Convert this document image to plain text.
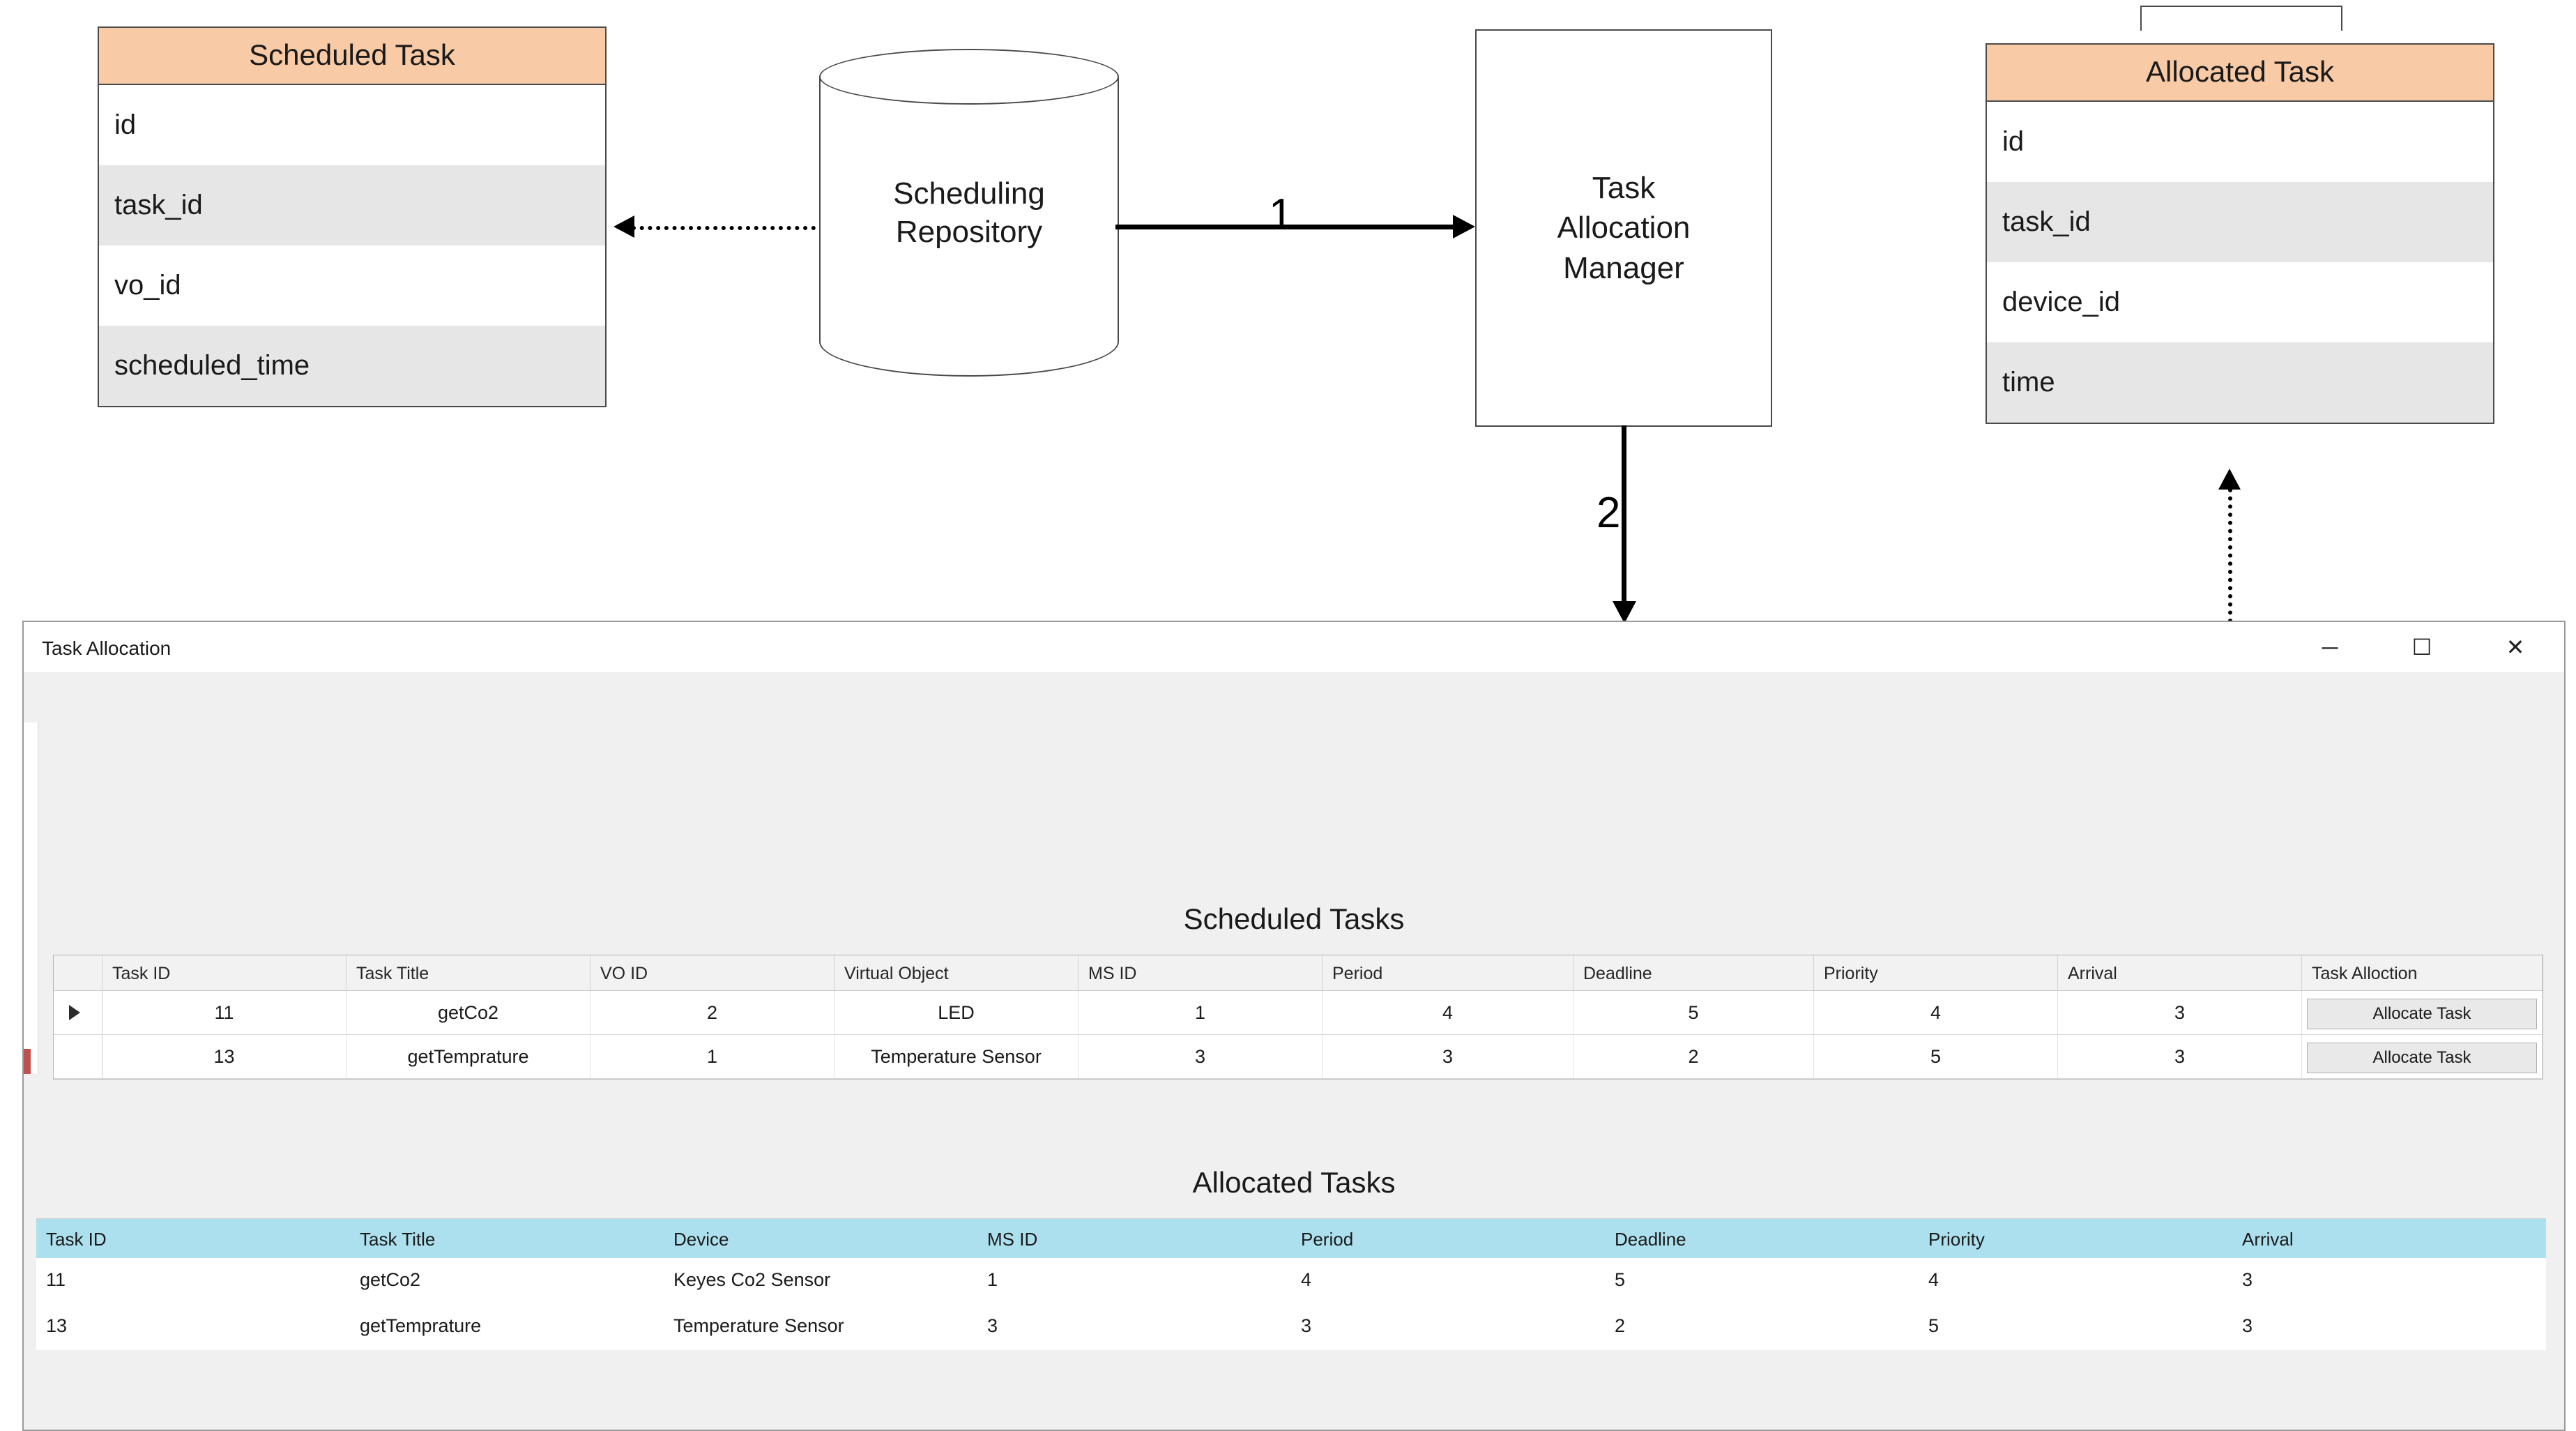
Scheduled Task
id
task_id
vo_id
scheduled_time
Allocated Task
id
task_id
device_id
time
Scheduling
Repository
Task
Allocation
Manager
1
2
Task Allocation	─	☐	✕
Scheduled Tasks
Task ID	Task Title	VO ID	Virtual Object	MS ID	Period	Deadline	Priority	Arrival	Task Alloction
11	getCo2	2	LED	1	4	5	4	3	Allocate Task
13	getTemprature	1	Temperature Sensor	3	3	2	5	3	Allocate Task
Allocated Tasks
Task ID	Task Title	Device	MS ID	Period	Deadline	Priority	Arrival
11	getCo2	Keyes Co2 Sensor	1	4	5	4	3
13	getTemprature	Temperature Sensor	3	3	2	5	3
